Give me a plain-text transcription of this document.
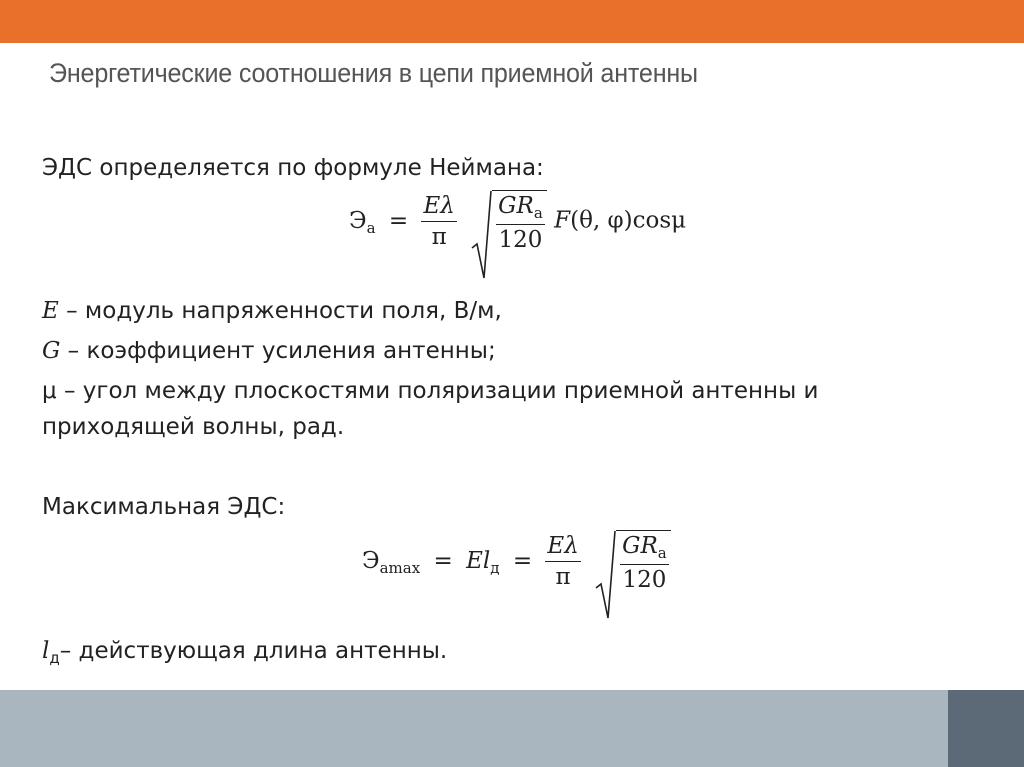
Энергетические соотношения в цепи приемной антенны
ЭДС определяется по формуле Неймана:
$Э_а = \frac{E\lambda}{\pi}$
$\frac{GR_a}{120} F(\theta$, φ)cosμ
E – модуль напряженности поля, В/м,
G – коэффициент усиления антенны;
μ – угол между плоскостями поляризации приемной антенны и
приходящей волны, рад.
Максимальная ЭДС:
$Э_{amax} = El_д = \frac{E\lambda}{\pi}$
$\frac{GR_a}{120}$
$l_д-$ действующая длина антенны.
